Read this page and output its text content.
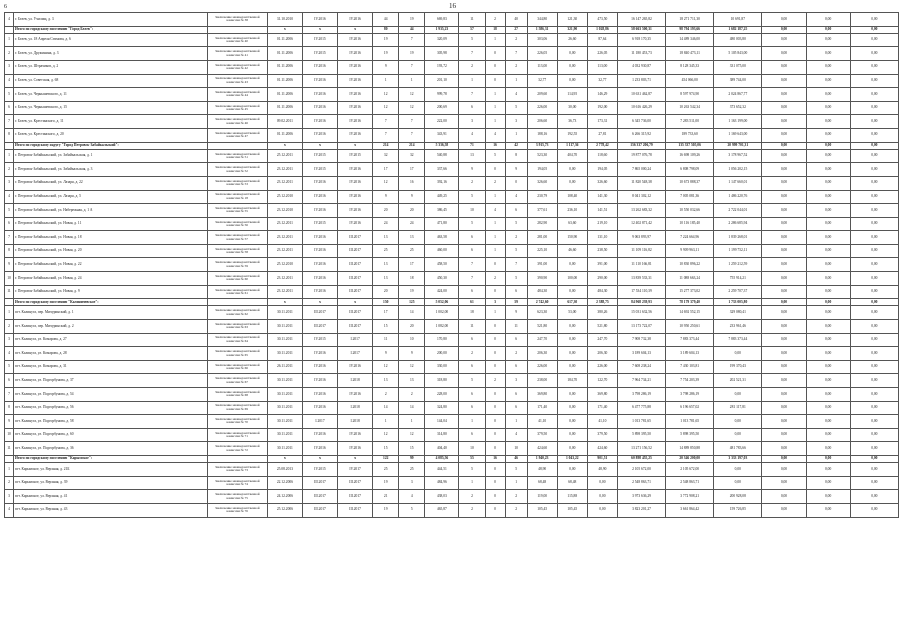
6	16
4	г. Белев, ул. Училищ, д. 3	Заключение межведомственной комиссии № 38	31.10.2010	IV.2016	IV.2016	44	19	669,83	11	2	40	344,80	121,30	473,50	16 147 265,82	18 271 711,30	10 691,87	0,00	0,00	0,00
	Итого по городскому поселению "Город Белев":		x	x	x	80	44	1 935,23	57	18	27	1 586,31	321,90	1 028,86	58 663 500,31	98 794 193,66	1 682 187,25	0,00	0,00	0,00
1	г. Белев, ул. 18 Апреля Стимова, д. 6	Заключение межведомственной комиссии № 40	01.11.2006	IV.2015	IV.2016	19	7	320,09	5	1	2	303,06	26,60	87,64	6 918 170,35	14 489 346,00	480 003,80	0,00	0,00	0,00
2	г. Белев, ул. Дружинина, д. 3	Заключение межведомственной комиссии № 41	01.11.2006	IV.2015	IV.2016	19	19	305,98	7	0	7	226,05	0,00	226,05	11 180 453,73	18 840 473,11	5 105 843,00	0,00	0,00	0,00
3	г. Белев, ул. Штрачиков, д. 2	Заключение межведомственной комиссии № 42	01.11.2006	IV.2016	IV.2016	9	7	193,72	2	0	2	113,00	0,00	113,00	4 032 930,87	8 128 345,33	331 075,00	0,00	0,00	0,00
4	г. Белев, ул. Советская, д. 68	Заключение межведомственной комиссии № 43	01.11.2006	IV.2016	IV.2016	1	1	201,10	1	0	1	32,77	0,00	32,77	1 233 803,71	454 066,00	389 744,00	0,00	0,00	0,00
5	г. Белев, ул. Чернышевского, д. 11	Заключение межведомственной комиссии № 44	01.11.2006	IV.2016	IV.2016	12	12	999,78	7	1	4	209,60	114,95	146,29	10 631 462,87	8 597 974,90	2 024 867,77	0,00	0,00	0,00
6	г. Белев, ул. Чернышевского, д. 15	Заключение межведомственной комиссии № 45	01.11.2006	IV.2016	IV.2016	12	12	200,69	6	1	5	226,00	30,00	192,00	10 616 426,29	10 263 542,34	373 652,32	0,00	0,00	0,00
7	г. Белев, ул. Крестинского, д. 11	Заключение межведомственной комиссии № 46	09.02.2011	IV.2016	IV.2016	7	7	222,00	3	1	3	206,60	36,73	173,31	6 345 736,00	7 283 511,00	1 163 199,00	0,00	0,00	0,00
8	г. Белев, ул. Крестинского, д. 20	Заключение межведомственной комиссии № 47	01.11.2006	IV.2016	IV.2016	7	7	343,91	4	4	1	188,16	192,55	27,81	6 266 315,92	189 733,60	1 169 643,00	0,00	0,00	0,00
	Итого по городскому округу "Город Петровск-Забайкальский":		x	x	x	214	214	5 336,58	71	16	42	3 915,73	1 117,36	2 778,42	156 337 206,79	135 337 505,06	20 999 701,31	0,00	0,00	0,00
1	г. Петровск-Забайкальский, ул. Забайкальская, д. 1	Заключение межведомственной комиссии № 51	25.12.2011	IV.2015	IV.2015	32	32	540,88	13	5	8	523,30	404,70	118,60	19 877 076,78	16 698 109,26	3 178 967,52	0,00	0,00	0,00
2	г. Петровск-Забайкальский, ул. Забайкальская, д. 3	Заключение межведомственной комиссии № 52	23.12.2011	IV.2015	IV.2016	17	17	337,66	9	0	9	194,05	0,00	194,05	7 865 000,24	6 808 798,09	1 056 202,15	0,00	0,00	0,00
3	г. Петровск-Забайкальский, ул. Лазаря, д. 22	Заключение межведомственной комиссии № 53	23.12.2011	IV.2016	IV.2016	12	16	392,16	2	2	0	326,60	0,00	326,60	11 820 548,38	10 673 888,37	1 147 660,01	0,00	0,00	0,00
4	г. Петровск-Забайкальский, ул. Лазаря, д. 5	Заключение межведомственной комиссии № 18	25.12.2010	IV.2016	IV.2016	9	9	449,25	5	1	4	230,79	108,40	141,30	8 041 302,12	7 005 081,36	1 486 220,76	0,00	0,00	0,00
5	г. Петровск-Забайкальский, ул. Набережная, д. 1 А	Заключение межведомственной комиссии № 55	23.12.2010	IV.2016	IV.2016	20	20	386,45	10	4	6	377,61	236,10	141,51	13 262 683,32	10 550 032,66	2 722 044,01	0,00	0,00	0,00
6	г. Петровск-Забайкальский, ул. Новая, д. 11	Заключение межведомственной комиссии № 56	23.12.2011	IV.2015	IV.2016	24	24	471,80	5	1	5	282,90	63,60	219,10	12 402 871,42	10 116 185,40	2 286 685,94	0,00	0,00	0,00
7	г. Петровск-Забайкальский, ул. Новая, д. 18	Заключение межведомственной комиссии № 57	23.12.2011	IV.2016	III.2017	13	13	463,58	6	1	2	281,00	150,90	131,10	9 063 893,97	7 224 664,96	1 839 268,01	0,00	0,00	0,00
8	г. Петровск-Забайкальский, ул. Новая, д. 20	Заключение межведомственной комиссии № 58	23.12.2011	IV.2016	III.2017	25	25	460,00	6	1	5	225,10	46,60	238,50	11 109 116,82	9 909 963,11	1 199 752,11	0,00	0,00	0,00
9	г. Петровск-Забайкальский, ул. Новая, д. 22	Заключение межведомственной комиссии № 59	25.12.2010	IV.2016	III.2017	13	17	458,50	7	0	7	391,00	0,00	391,00	11 110 166,81	10 830 896,22	1 259 212,59	0,00	0,00	0,00
10	г. Петровск-Забайкальский, ул. Новая, д. 24	Заключение межведомственной комиссии № 60	23.12.2011	IV.2016	III.2017	13	18	450,30	7	2	5	390,90	100,00	290,00	13 839 533,31	11 088 663,24	755 914,21	0,00	0,00	0,00
11	г. Петровск-Забайкальский, ул. Новая, д. 9	Заключение межведомственной комиссии № 61	23.12.2011	IV.2016	III.2017	20	19	424,00	6	0	6	484,30	0,00	484,30	17 534 110,39	15 277 373,02	2 259 707,37	0,00	0,00	0,00
	Итого по городскому поселению "Калиничевское":		x	x	x	150	125	5 052,06	61	3	59	2 742,60	617,30	2 388,75	84 968 239,93	78 179 379,40	1 733 005,80	0,00	0,00	0,00
1	пгт. Калинуга, пер. Мичуринский, д. 1	Заключение межведомственной комиссии № 62	30.11.2011	III.2017	III.2017	17	14	1 002,00	18	1	9	623,30	53,00	380,26	15 031 632,56	14 692 552,15	329 080,41	0,00	0,00	0,00
2	пгт. Калинуга, пер. Мичуринский, д. 2	Заключение межведомственной комиссии № 63	30.11.2011	III.2017	III.2017	15	20	1 082,00	11	0	11	521,80	0,00	521,80	13 173 722,07	10 950 250,61	233 961,46	0,00	0,00	0,00
3	пгт. Калинуга, ул. Комарова, д. 27	Заключение межведомственной комиссии № 64	30.11.2011	IV.2015	I.2017	11	10	170,80	6	0	6	247,70	0,00	247,70	7 908 732,38	7 883 373,44	7 883 373,44	0,00	0,00	0,00
4	пгт. Калинуга, ул. Комарова, д. 28	Заключение межведомственной комиссии № 65	30.11.2011	IV.2016	I.2017	9	9	200,00	2	0	2	206,30	0,00	206,30	3 189 604,13	3 189 604,13	0,00	0,00	0,00	0,00
5	пгт. Калинуга, ул. Комарова, д. 31	Заключение межведомственной комиссии № 66	26.11.2011	IV.2016	IV.2016	12	12	330,00	6	0	6	226,00	0,00	226,00	7 608 238,24	7 430 103,81	199 370,43	0,00	0,00	0,00
6	пгт. Калинуга, ул. Подгорбунова, д. 37	Заключение межведомственной комиссии № 67	30.11.2011	IV.2016	I.2018	13	13	318,80	5	2	3	238,00	184,70	122,70	7 964 734,21	7 754 203,39	202 521,31	0,00	0,00	0,00
7	пгт. Калинуга, ул. Подгорбунова, д. 54	Заключение межведомственной комиссии № 68	30.11.2011	IV.2016	IV.2016	2	2	228,00	6	0	6	369,80	0,00	369,80	3 798 286,19	3 798 286,19	0,00	0,00	0,00	0,00
8	пгт. Калинуга, ул. Подгорбунова, д. 56	Заключение межведомственной комиссии № 69	30.11.2011	IV.2016	I.2018	14	14	324,80	6	0	6	171,40	0,00	171,40	6 477 775,88	6 196 657,02	281 117,81	0,00	0,00	0,00
9	пгт. Калинуга, ул. Подгорбунова, д. 58	Заключение межведомственной комиссии № 70	30.11.2011	I.2017	I.2018	1	1	144,04	1	0	1	41,10	0,00	41,10	1 013 781,65	1 013 781,65	0,00	0,00	0,00	0,00
10	пгт. Калинуга, ул. Подгорбунова, д. 60	Заключение межведомственной комиссии № 71	30.11.2011	IV.2016	IV.2016	12	12	314,80	6	0	4	379,50	0,00	379,50	5 898 395,50	5 898 395,50	0,00	0,00	0,00	0,00
11	пгт. Калинуга, ул. Подгорбунова, д. 36	Заключение межведомственной комиссии № 72	30.11.2011	IV.2016	IV.2016	15	15	404,40	10	0	10	424,60	0,00	424,60	13 271 156,52	14 889 850,88	481 783,66	0,00	0,00	0,00
	Итого по городскому поселению "Карымское":		x	x	x	122	99	4 085,56	55	16	46	1 940,23	1 043,22	901,51	60 898 455,25	20 346 200,00	3 333 197,03	0,00	0,00	0,00
1	пгт. Карымское, ул. Верхняя, д. 21Б	Заключение межведомственной комиссии № 73	25.08.2013	IV.2015	IV.2017	25	25	444,51	5	0	5	48,90	0,00	48,90	2 105 672,00	2 105 672,00	0,00	0,00	0,00	0,00
2	пгт. Карымское, ул. Верхняя, д. 39	Заключение межведомственной комиссии № 74	22.12.2006	III.2017	III.2017	19	3	484,96	1	0	1	68,48	68,48	0,00	2 548 863,71	2 548 863,71	0,00	0,00	0,00	0,00
3	пгт. Карымское, ул. Верхняя, д. 41	Заключение межведомственной комиссии № 75	24.12.2006	III.2017	III.2017	21	4	438,03	2	0	2	119,00	115,88	0,00	3 973 636,29	3 772 908,21	200 928,08	0,00	0,00	0,00
4	пгт. Карымское, ул. Верхняя, д. 43	Заключение межведомственной комиссии № 76	25.12.2006	III.2017	III.2017	19	5	465,87	2	0	2	105,45	105,45	0,00	3 823 201,27	3 661 864,42	159 726,85	0,00	0,00	0,00
